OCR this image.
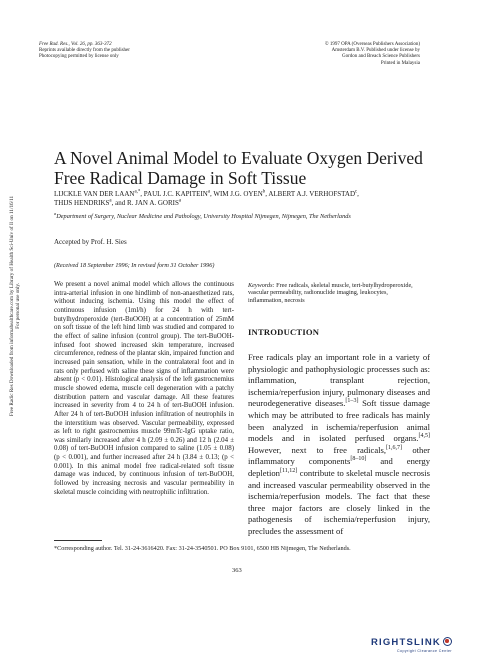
Free Rad. Res., Vol. 26, pp. 363-372
Reprints available directly from the publisher
Photocopying permitted by license only
© 1997 OPA (Overseas Publishers Association)
Amsterdam B.V. Published under license by
Gordon and Breach Science Publishers
Printed in Malaysia
Free Radic Res Downloaded from informahealthcare.com by Library of Health Sci-Univ of Il on 11/16/11 For personal use only.
A Novel Animal Model to Evaluate Oxygen Derived Free Radical Damage in Soft Tissue
LIJCKLE VAN DER $LAAN^{a,*}$, PAUL J.C. KAPITEIN$^a$, WIM J.G. OYEN$^b$, ALBERT A.J. VERHOFSTAD$^c$,
THIJS HENDRIKS$^a$, and R. JAN A. GORIS$^a$
$^a$Department of Surgery, Nuclear Medicine and Pathology, University Hospital Nijmegen, Nijmegen, The Netherlands
Accepted by Prof. H. Sies
(Received 18 September 1996; In revised form 31 October 1996)
We present a novel animal model which allows the continuous intra-arterial infusion in one hindlimb of non-anaesthetized rats, without inducing ischemia. Using this model the effect of continuous infusion (1ml/h) for 24 h with tert-butylhydroperoxide (tert-BuOOH) at a concentration of 25mM on soft tissue of the left hind limb was studied and compared to the effect of saline infusion (control group). The tert-BuOOH-infused foot showed increased skin temperature, increased circumference, redness of the plantar skin, impaired function and increased pain sensation, while in the contralateral foot and in rats only perfused with saline these signs of inflammation were absent (p < 0.01). Histological analysis of the left gastrocnemius muscle showed edema, muscle cell degeneration with a patchy distribution pattern and vascular damage. All these features increased in severity from 4 to 24 h of tert-BuOOH infusion. After 24 h of tert-BuOOH infusion infiltration of neutrophils in the interstitium was observed. Vascular permeability, expressed as left to right gastrocnemius muscle 99mTc-IgG uptake ratio, was similarly increased after 4 h (2.09 ± 0.26) and 12 h (2.04 ± 0.08) of tert-BuOOH infusion compared to saline (1.05 ± 0.08) (p < 0.001), and further increased after 24 h (3.84 ± 0.13; (p < 0.001). In this animal model free radical-related soft tissue damage was induced, by continuous infusion of tert-BuOOH, followed by increasing necrosis and vascular permeability in skeletal muscle coinciding with neutrophilic infiltration.
Keywords: Free radicals, skeletal muscle, tert-butylhydroperoxide, vascular permeability, radionuclide imaging, leukocytes, inflammation, necrosis
INTRODUCTION
Free radicals play an important role in a variety of physiologic and pathophysiologic processes such as: inflammation, transplant rejection, ischemia/reperfusion injury, pulmonary diseases and neurodegenerative diseases.[1–3] Soft tissue damage which may be attributed to free radicals has mainly been analyzed in ischemia/reperfusion animal models and in isolated perfused organs.[4,5] However, next to free radicals,[1,6,7] other inflammatory components[8–10] and energy depletion[11,12] contribute to skeletal muscle necrosis and increased vascular permeability observed in the ischemia/reperfusion models. The fact that these three major factors are closely linked in the pathogenesis of ischemia/reperfusion injury, precludes the assessment of
*Corresponding author. Tel. 31-24-3616420. Fax: 31-24-3540501. PO Box 9101, 6500 HB Nijmegen, The Netherlands.
363
RIGHTSLINK
Copyright Clearance Center
